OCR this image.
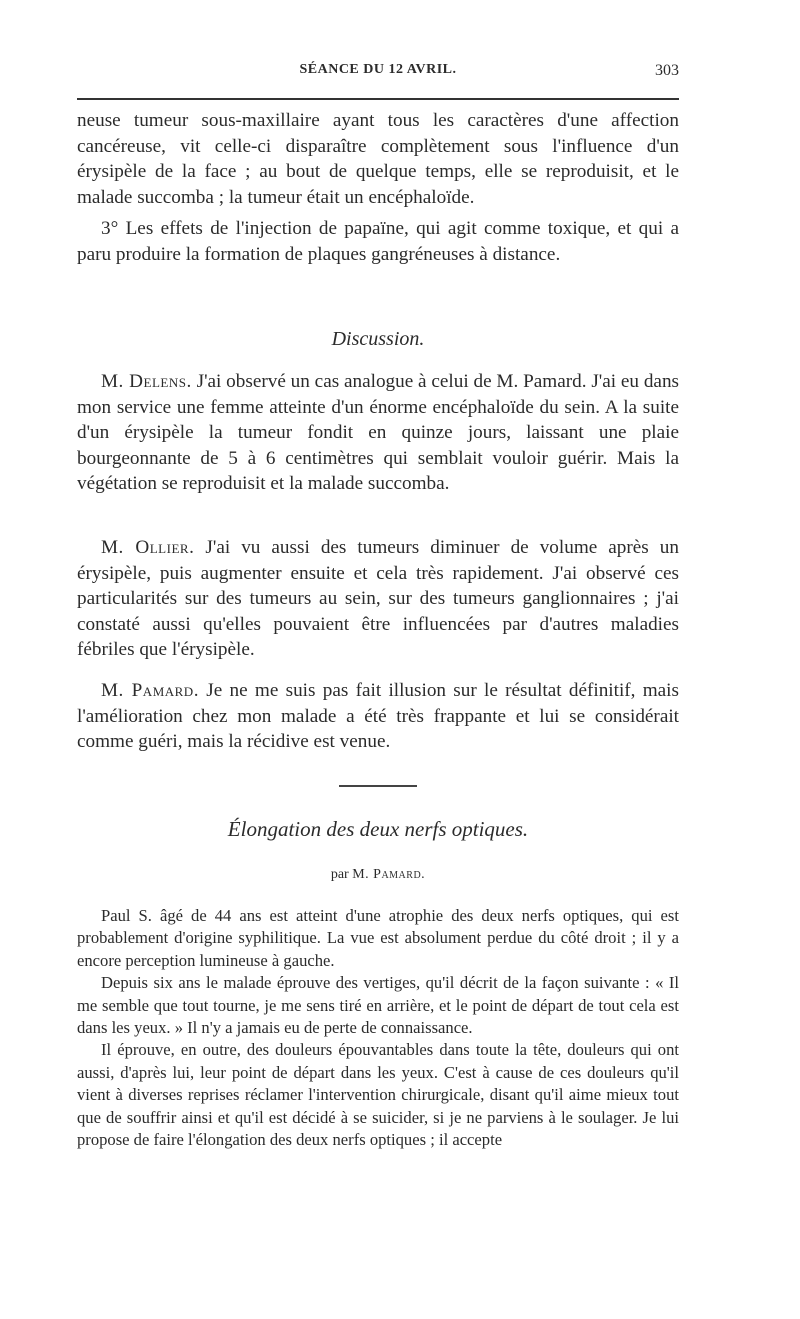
SÉANCE DU 12 AVRIL.	303

neuse tumeur sous-maxillaire ayant tous les caractères d'une affection cancéreuse, vit celle-ci disparaître complètement sous l'influence d'un érysipèle de la face ; au bout de quelque temps, elle se reproduisit, et le malade succomba ; la tumeur était un encéphaloïde.

3° Les effets de l'injection de papaïne, qui agit comme toxique, et qui a paru produire la formation de plaques gangréneuses à distance.

Discussion.

M. Delens. J'ai observé un cas analogue à celui de M. Pamard. J'ai eu dans mon service une femme atteinte d'un énorme encéphaloïde du sein. A la suite d'un érysipèle la tumeur fondit en quinze jours, laissant une plaie bourgeonnante de 5 à 6 centimètres qui semblait vouloir guérir. Mais la végétation se reproduisit et la malade succomba.

M. Ollier. J'ai vu aussi des tumeurs diminuer de volume après un érysipèle, puis augmenter ensuite et cela très rapidement. J'ai observé ces particularités sur des tumeurs au sein, sur des tumeurs ganglionnaires ; j'ai constaté aussi qu'elles pouvaient être influencées par d'autres maladies fébriles que l'érysipèle.

M. Pamard. Je ne me suis pas fait illusion sur le résultat définitif, mais l'amélioration chez mon malade a été très frappante et lui se considérait comme guéri, mais la récidive est venue.

Élongation des deux nerfs optiques.
par M. Pamard.

Paul S. âgé de 44 ans est atteint d'une atrophie des deux nerfs optiques, qui est probablement d'origine syphilitique. La vue est absolument perdue du côté droit ; il y a encore perception lumineuse à gauche.

Depuis six ans le malade éprouve des vertiges, qu'il décrit de la façon suivante : « Il me semble que tout tourne, je me sens tiré en arrière, et le point de départ de tout cela est dans les yeux. » Il n'y a jamais eu de perte de connaissance.

Il éprouve, en outre, des douleurs épouvantables dans toute la tête, douleurs qui ont aussi, d'après lui, leur point de départ dans les yeux. C'est à cause de ces douleurs qu'il vient à diverses reprises réclamer l'intervention chirurgicale, disant qu'il aime mieux tout que de souffrir ainsi et qu'il est décidé à se suicider, si je ne parviens à le soulager. Je lui propose de faire l'élongation des deux nerfs optiques ; il accepte
